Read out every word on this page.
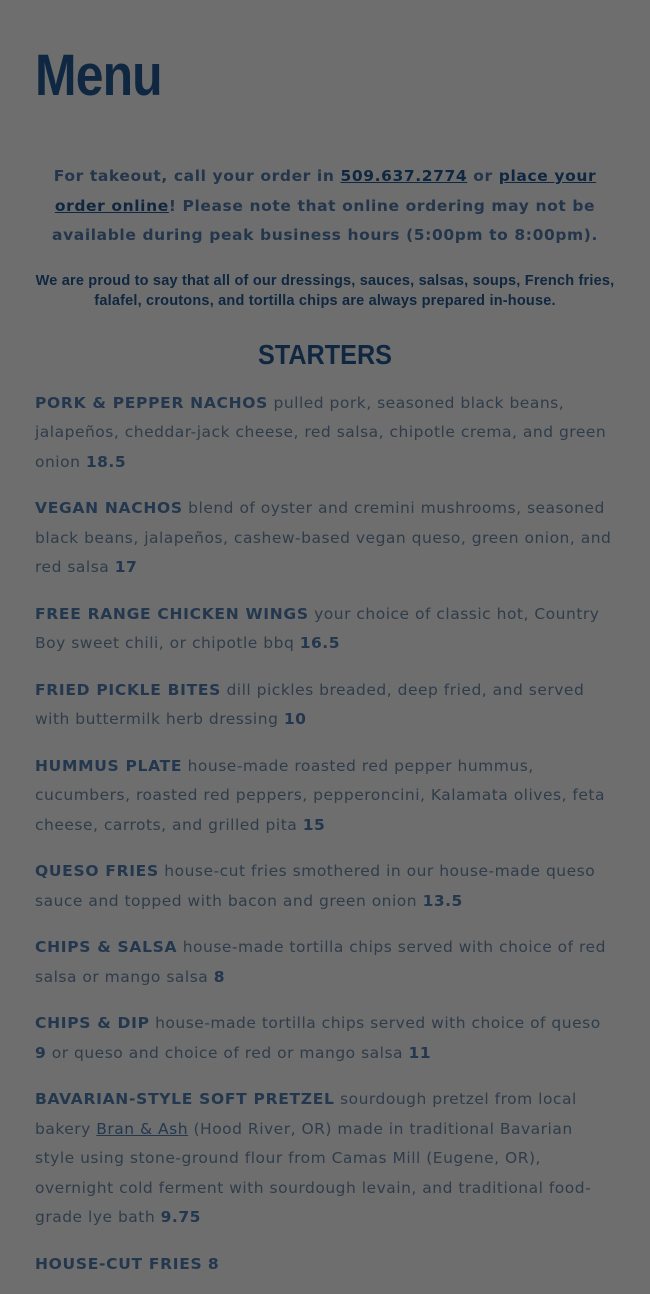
Menu

For takeout, call your order in 509.637.2774 or place your order online! Please note that online ordering may not be available during peak business hours (5:00pm to 8:00pm).

We are proud to say that all of our dressings, sauces, salsas, soups, French fries, falafel, croutons, and tortilla chips are always prepared in-house.

STARTERS

PORK & PEPPER NACHOS pulled pork, seasoned black beans, jalapeños, cheddar-jack cheese, red salsa, chipotle crema, and green onion 18.5

VEGAN NACHOS blend of oyster and cremini mushrooms, seasoned black beans, jalapeños, cashew-based vegan queso, green onion, and red salsa 17

FREE RANGE CHICKEN WINGS your choice of classic hot, Country Boy sweet chili, or chipotle bbq 16.5

FRIED PICKLE BITES dill pickles breaded, deep fried, and served with buttermilk herb dressing 10

HUMMUS PLATE house-made roasted red pepper hummus, cucumbers, roasted red peppers, pepperoncini, Kalamata olives, feta cheese, carrots, and grilled pita 15

QUESO FRIES house-cut fries smothered in our house-made queso sauce and topped with bacon and green onion 13.5

CHIPS & SALSA house-made tortilla chips served with choice of red salsa or mango salsa 8

CHIPS & DIP house-made tortilla chips served with choice of queso 9 or queso and choice of red or mango salsa 11

BAVARIAN-STYLE SOFT PRETZEL sourdough pretzel from local bakery Bran & Ash (Hood River, OR) made in traditional Bavarian style using stone-ground flour from Camas Mill (Eugene, OR), overnight cold ferment with sourdough levain, and traditional food-grade lye bath 9.75

HOUSE-CUT FRIES 8
